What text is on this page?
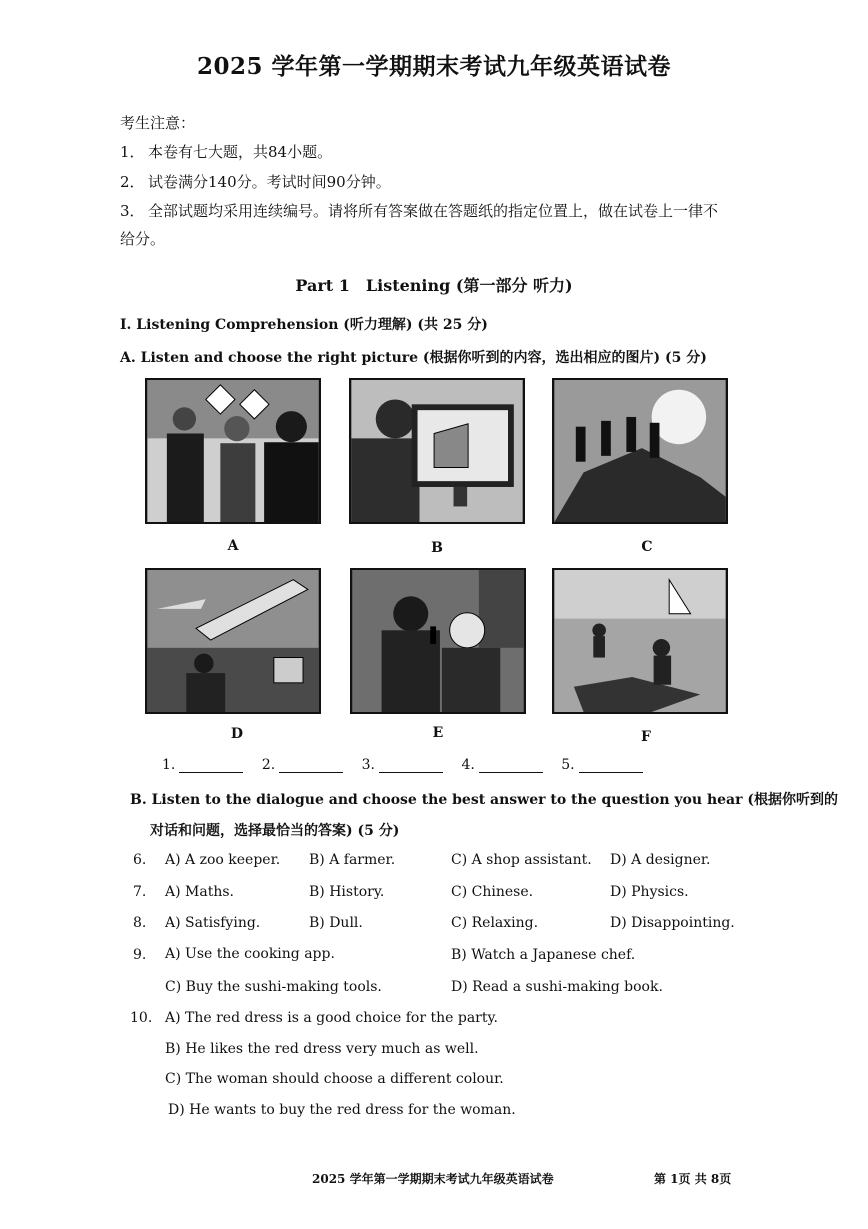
2025 学年第一学期期末考试九年级英语试卷
考生注意：
1． 本卷有七大题，共84小题。
2． 试卷满分140分。考试时间90分钟。
3． 全部试题均采用连续编号。请将所有答案做在答题纸的指定位置上，做在试卷上一律不
给分。
Part 1　Listening (第一部分 听力)
I. Listening Comprehension (听力理解) (共 25 分)
A. Listen and choose the right picture (根据你听到的内容，选出相应的图片) (5 分)
A	B	C
D	E	F
1.	2.	3.	4.	5.
B. Listen to the dialogue and choose the best answer to the question you hear (根据你听到的
对话和问题，选择最恰当的答案) (5 分)
6. A) A zoo keeper. B) A farmer.	C) A shop assistant. D) A designer.
7. A) Maths.	B) History.	C) Chinese.	D) Physics.
8. A) Satisfying.	B) Dull.	C) Relaxing.	D) Disappointing.
9. A) Use the cooking app.	B) Watch a Japanese chef.
C) Buy the sushi-making tools.	D) Read a sushi-making book.
10. A) The red dress is a good choice for the party.
B) He likes the red dress very much as well.
C) The woman should choose a different colour.
D) He wants to buy the red dress for the woman.
2025 学年第一学期期末考试九年级英语试卷	第 1页 共 8页
